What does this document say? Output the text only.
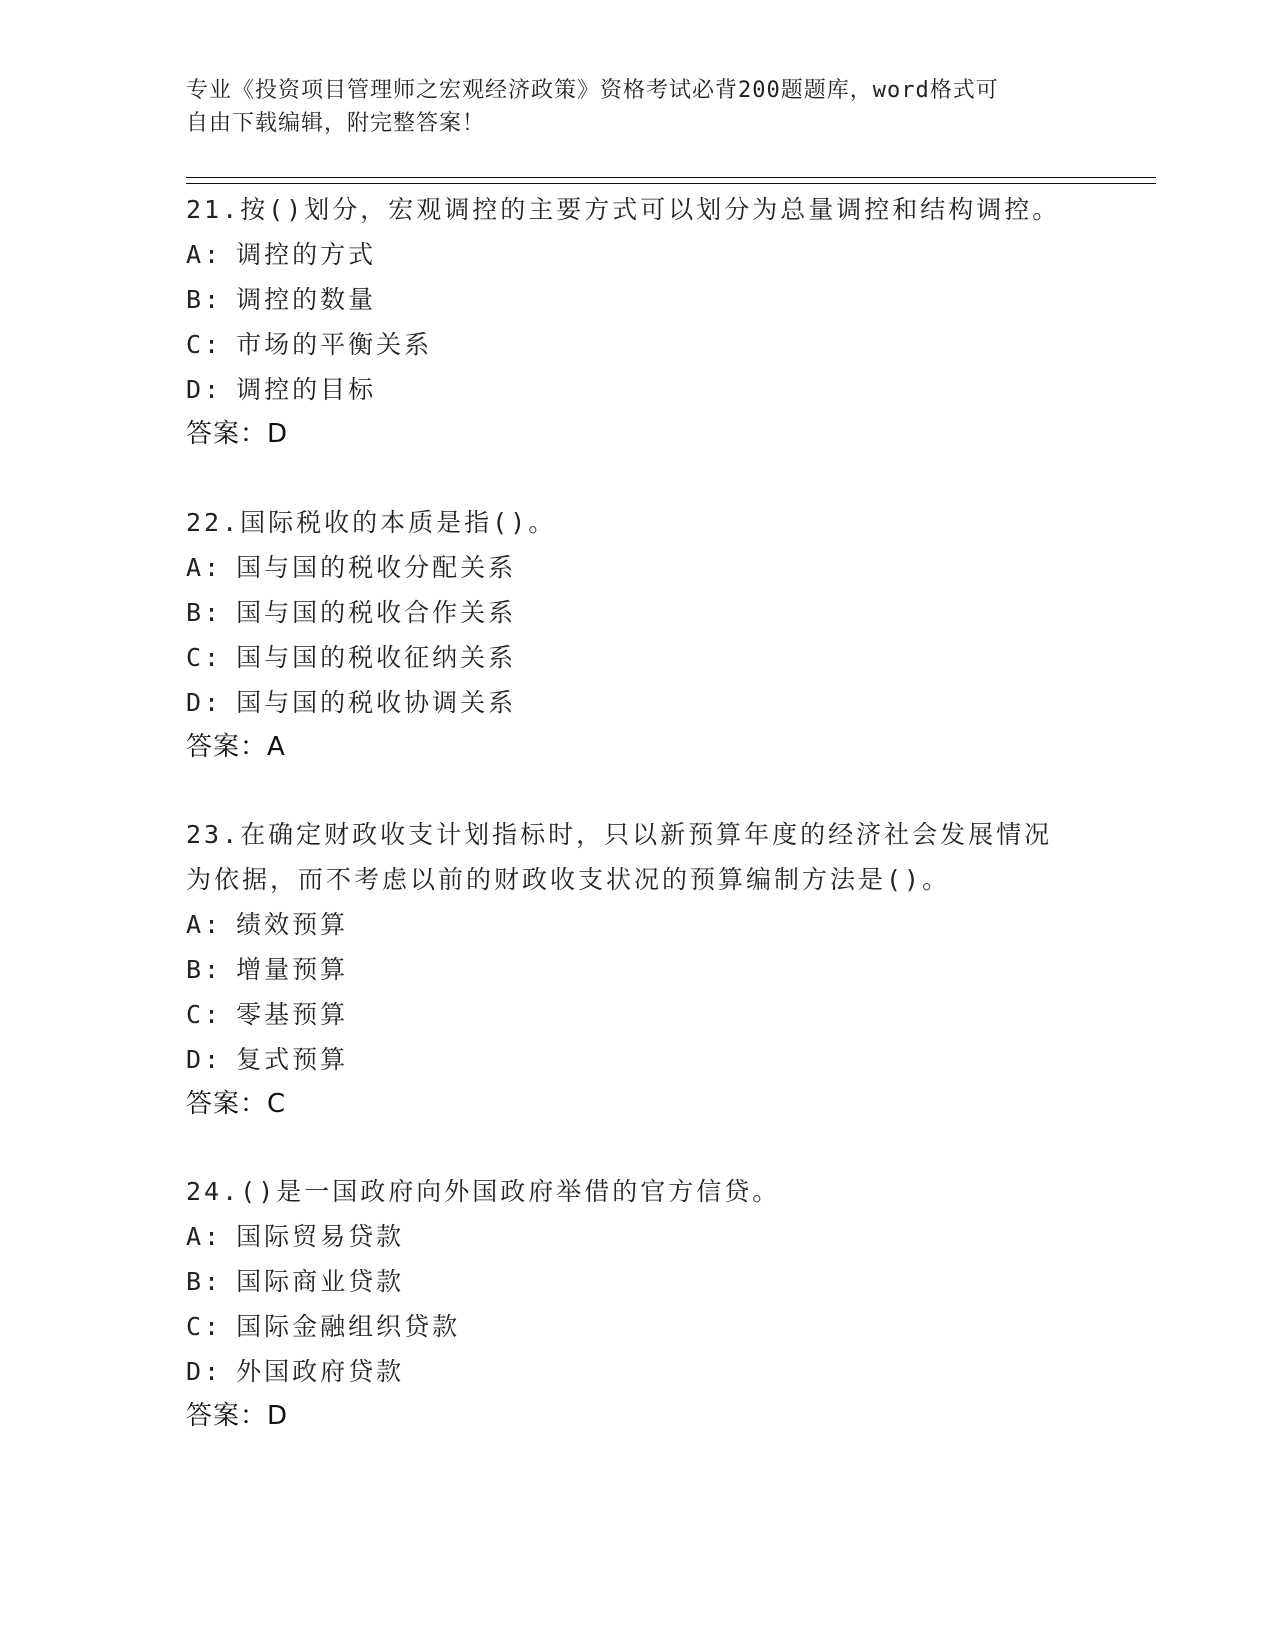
专业《投资项目管理师之宏观经济政策》资格考试必背200题题库，word格式可
自由下载编辑，附完整答案！
21.按()划分，宏观调控的主要方式可以划分为总量调控和结构调控。
A: 调控的方式
B: 调控的数量
C: 市场的平衡关系
D: 调控的目标
答案：D
22.国际税收的本质是指()。
A: 国与国的税收分配关系
B: 国与国的税收合作关系
C: 国与国的税收征纳关系
D: 国与国的税收协调关系
答案：A
23.在确定财政收支计划指标时，只以新预算年度的经济社会发展情况
为依据，而不考虑以前的财政收支状况的预算编制方法是()。
A: 绩效预算
B: 增量预算
C: 零基预算
D: 复式预算
答案：C
24.()是一国政府向外国政府举借的官方信贷。
A: 国际贸易贷款
B: 国际商业贷款
C: 国际金融组织贷款
D: 外国政府贷款
答案：D
